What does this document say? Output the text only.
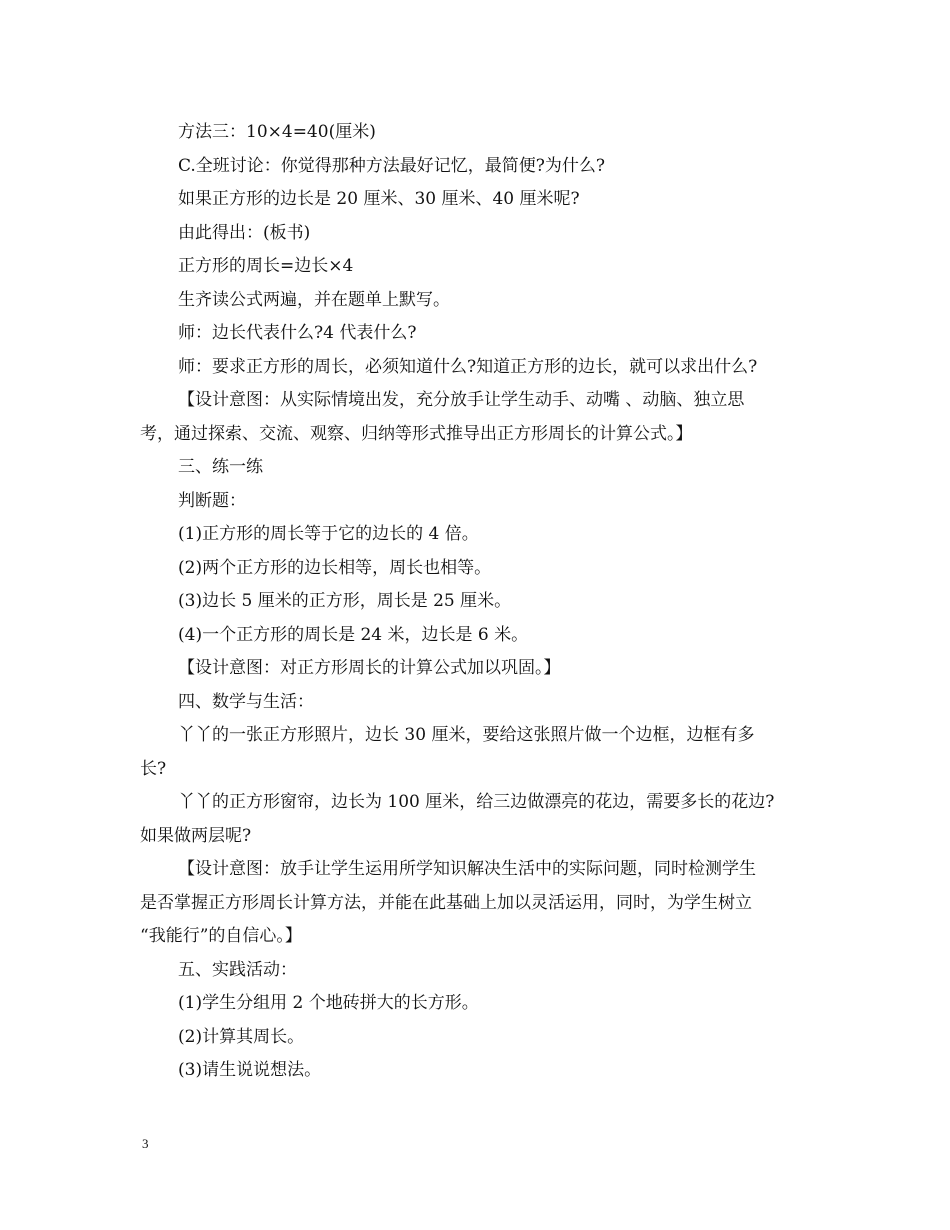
方法三：10×4=40(厘米)
C.全班讨论：你觉得那种方法最好记忆，最简便?为什么?
如果正方形的边长是 20 厘米、30 厘米、40 厘米呢?
由此得出：(板书)
正方形的周长=边长×4
生齐读公式两遍，并在题单上默写。
师：边长代表什么?4 代表什么?
师：要求正方形的周长，必须知道什么?知道正方形的边长，就可以求出什么?
【设计意图：从实际情境出发，充分放手让学生动手、动嘴 、动脑、独立思
考，通过探索、交流、观察、归纳等形式推导出正方形周长的计算公式。】
三、练一练
判断题：
(1)正方形的周长等于它的边长的 4 倍。
(2)两个正方形的边长相等，周长也相等。
(3)边长 5 厘米的正方形，周长是 25 厘米。
(4)一个正方形的周长是 24 米，边长是 6 米。
【设计意图：对正方形周长的计算公式加以巩固。】
四、数学与生活：
丫丫的一张正方形照片，边长 30 厘米，要给这张照片做一个边框，边框有多
长?
丫丫的正方形窗帘，边长为 100 厘米，给三边做漂亮的花边，需要多长的花边?
如果做两层呢?
【设计意图：放手让学生运用所学知识解决生活中的实际问题，同时检测学生
是否掌握正方形周长计算方法，并能在此基础上加以灵活运用，同时，为学生树立
“我能行”的自信心。】
五、实践活动：
(1)学生分组用 2 个地砖拼大的长方形。
(2)计算其周长。
(3)请生说说想法。
3
